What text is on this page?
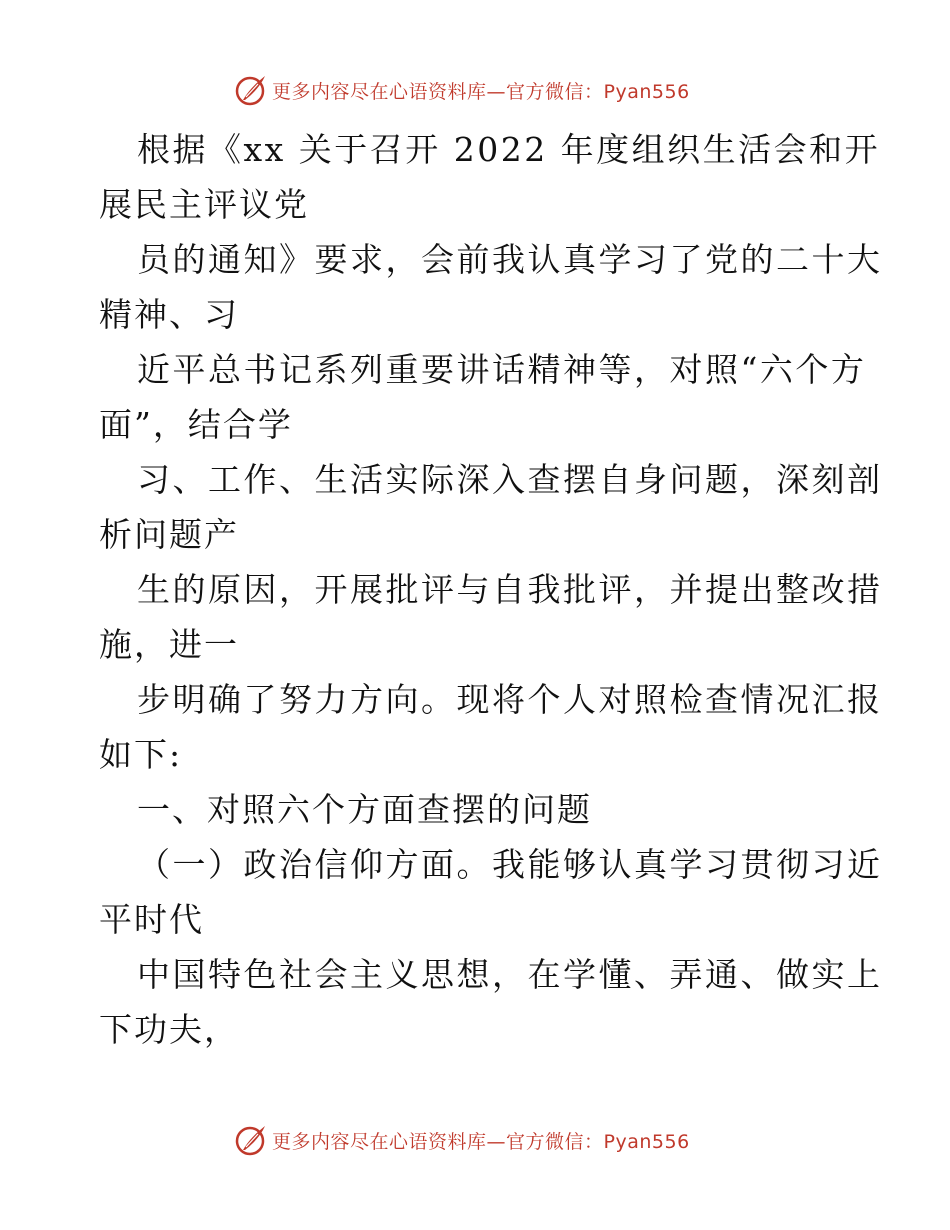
更多内容尽在心语资料库—官方微信：Pyan556

根据《xx 关于召开 2022 年度组织生活会和开

展民主评议党

员的通知》要求，会前我认真学习了党的二十大

精神、习

近平总书记系列重要讲话精神等，对照“六个方

面”，结合学

习、工作、生活实际深入查摆自身问题，深刻剖

析问题产

生的原因，开展批评与自我批评，并提出整改措

施，进一

步明确了努力方向。现将个人对照检查情况汇报

如下:

一、对照六个方面查摆的问题

（一）政治信仰方面。我能够认真学习贯彻习近

平时代

中国特色社会主义思想，在学懂、弄通、做实上

下功夫，

更多内容尽在心语资料库—官方微信：Pyan556
